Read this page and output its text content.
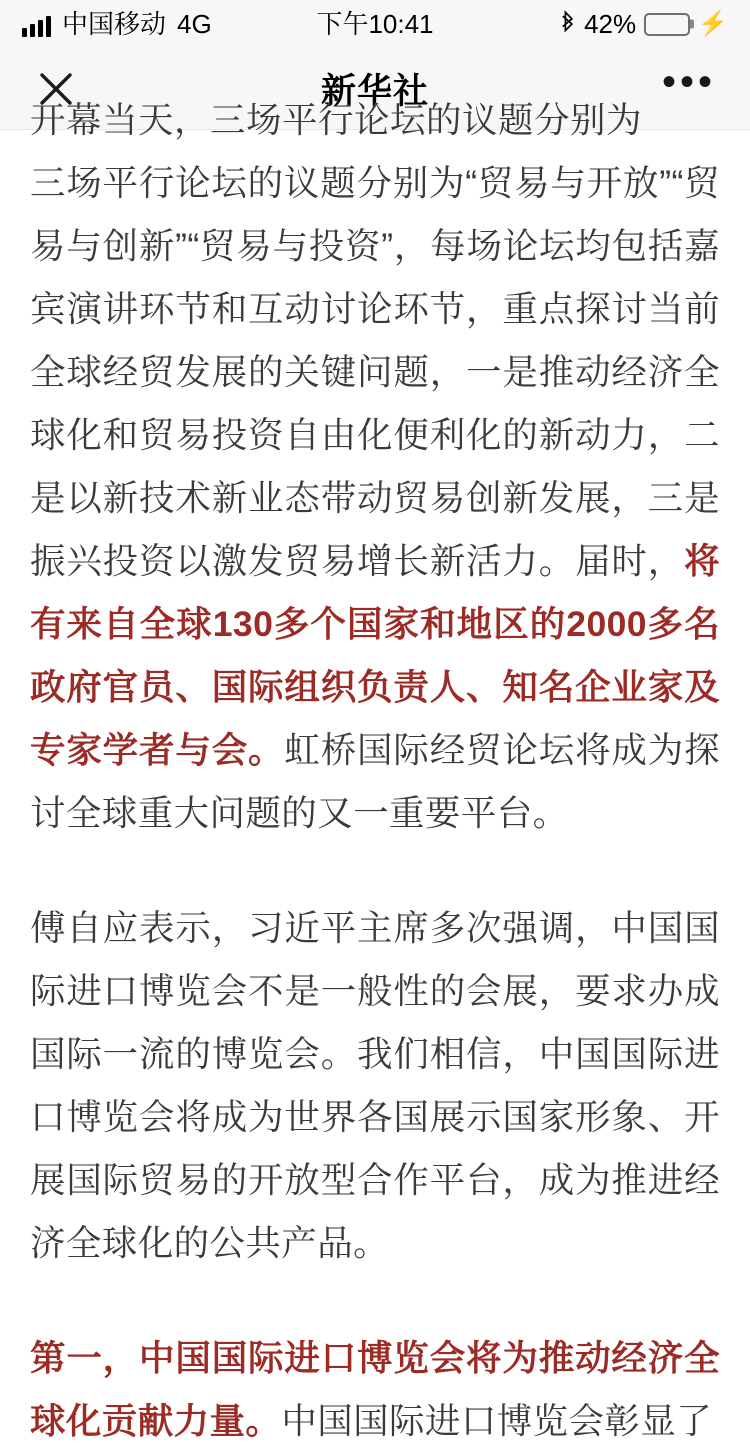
中国移动 4G	下午10:41	42%	⚡
新华社	•••
开幕当天，三场平行论坛的议题分别为

三场平行论坛的议题分别为“贸易与开放”“贸易与创新”“贸易与投资”，每场论坛均包括嘉宾演讲环节和互动讨论环节，重点探讨当前全球经贸发展的关键问题，一是推动经济全球化和贸易投资自由化便利化的新动力，二是以新技术新业态带动贸易创新发展，三是振兴投资以激发贸易增长新活力。届时，将有来自全球130多个国家和地区的2000多名政府官员、国际组织负责人、知名企业家及专家学者与会。虹桥国际经贸论坛将成为探讨全球重大问题的又一重要平台。

傅自应表示，习近平主席多次强调，中国国际进口博览会不是一般性的会展，要求办成国际一流的博览会。我们相信，中国国际进口博览会将成为世界各国展示国家形象、开展国际贸易的开放型合作平台，成为推进经济全球化的公共产品。

第一，中国国际进口博览会将为推动经济全球化贡献力量。中国国际进口博览会彰显了
